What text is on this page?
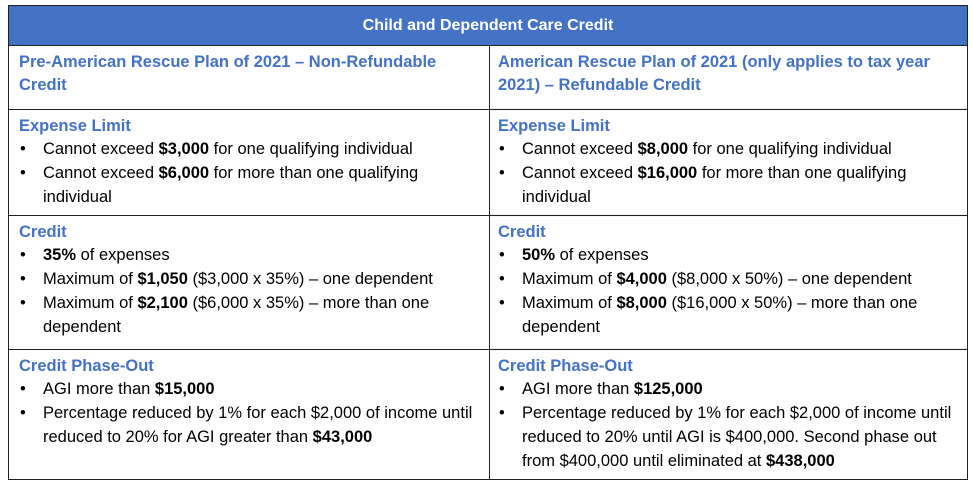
Child and Dependent Care Credit
Pre-American Rescue Plan of 2021 – Non-Refundable Credit
American Rescue Plan of 2021 (only applies to tax year 2021) – Refundable Credit
Expense Limit
• Cannot exceed $3,000 for one qualifying individual
• Cannot exceed $6,000 for more than one qualifying individual
Expense Limit
• Cannot exceed $8,000 for one qualifying individual
• Cannot exceed $16,000 for more than one qualifying individual
Credit
• 35% of expenses
• Maximum of $1,050 ($3,000 x 35%) – one dependent
• Maximum of $2,100 ($6,000 x 35%) – more than one dependent
Credit
• 50% of expenses
• Maximum of $4,000 ($8,000 x 50%) – one dependent
• Maximum of $8,000 ($16,000 x 50%) – more than one dependent
Credit Phase-Out
• AGI more than $15,000
• Percentage reduced by 1% for each $2,000 of income until reduced to 20% for AGI greater than $43,000
Credit Phase-Out
• AGI more than $125,000
• Percentage reduced by 1% for each $2,000 of income until reduced to 20% until AGI is $400,000. Second phase out from $400,000 until eliminated at $438,000
